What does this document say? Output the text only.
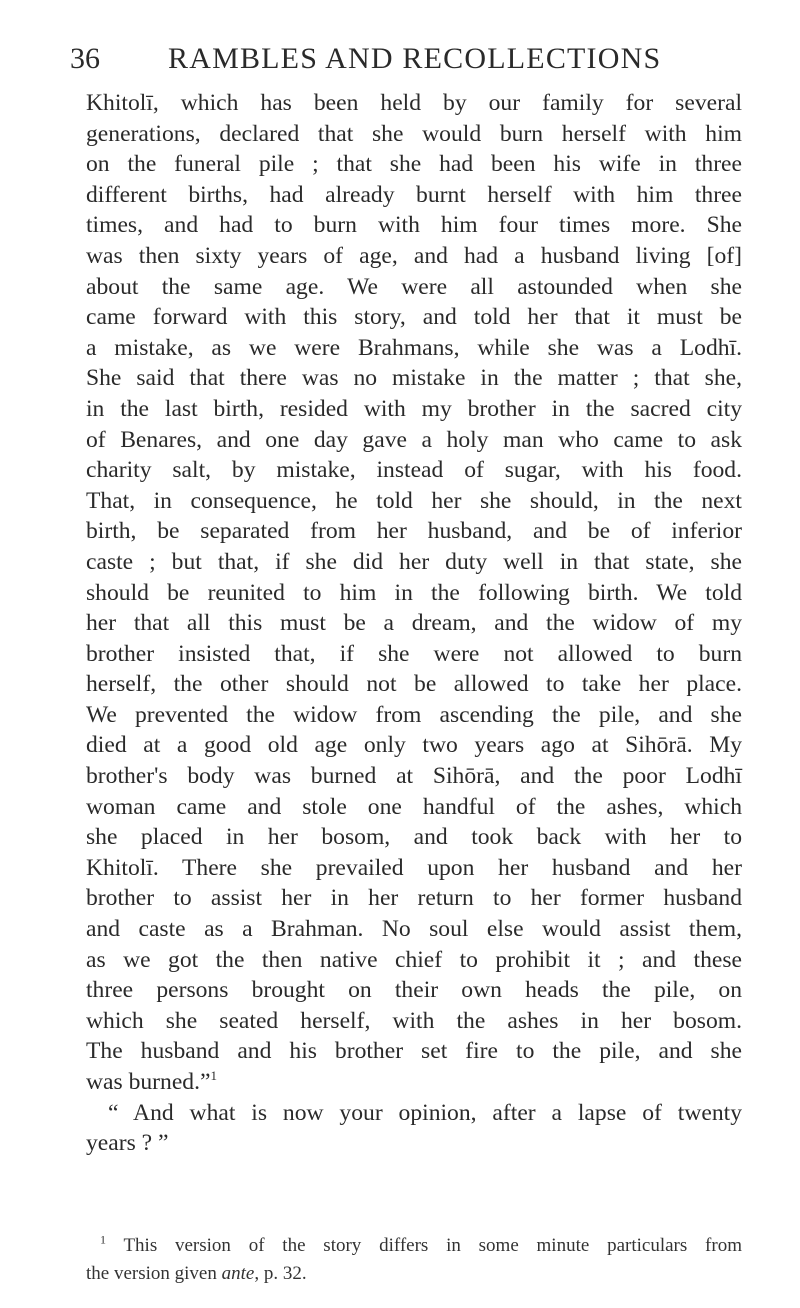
36 RAMBLES AND RECOLLECTIONS
Khitolī, which has been held by our family for several
generations, declared that she would burn herself with him
on the funeral pile ; that she had been his wife in three
different births, had already burnt herself with him three
times, and had to burn with him four times more. She
was then sixty years of age, and had a husband living [of]
about the same age. We were all astounded when she
came forward with this story, and told her that it must be
a mistake, as we were Brahmans, while she was a Lodhī.
She said that there was no mistake in the matter ; that she,
in the last birth, resided with my brother in the sacred city
of Benares, and one day gave a holy man who came to ask
charity salt, by mistake, instead of sugar, with his food.
That, in consequence, he told her she should, in the next
birth, be separated from her husband, and be of inferior
caste ; but that, if she did her duty well in that state, she
should be reunited to him in the following birth. We told
her that all this must be a dream, and the widow of my
brother insisted that, if she were not allowed to burn
herself, the other should not be allowed to take her place.
We prevented the widow from ascending the pile, and she
died at a good old age only two years ago at Sihōrā. My
brother's body was burned at Sihōrā, and the poor Lodhī
woman came and stole one handful of the ashes, which
she placed in her bosom, and took back with her to
Khitolī. There she prevailed upon her husband and her
brother to assist her in her return to her former husband
and caste as a Brahman. No soul else would assist them,
as we got the then native chief to prohibit it ; and these
three persons brought on their own heads the pile, on
which she seated herself, with the ashes in her bosom.
The husband and his brother set fire to the pile, and she
was burned.”$^1$
“ And what is now your opinion, after a lapse of twenty
years ? ”
$^1$ This version of the story differs in some minute particulars from
the version given ante, p. 32.
